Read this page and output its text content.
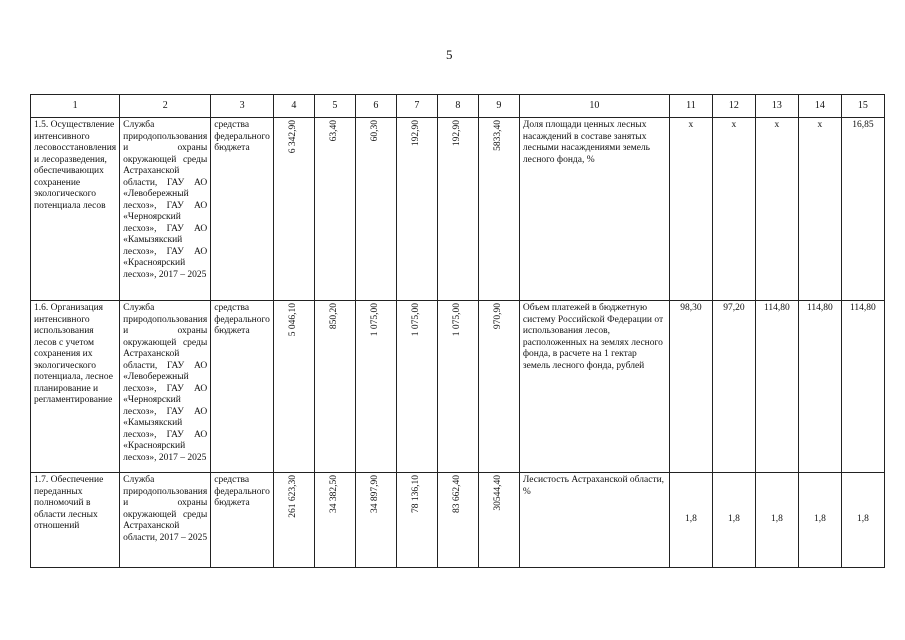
5
1	2	3	4	5	6	7	8	9	10	11	12	13	14	15
1.5. Осуществление интенсивного лесовосстановления и лесоразведения, обеспечивающих сохранение экологического потенциала лесов	Служба природопользования и охраны окружающей среды Астраханской области, ГАУ АО «Левобережный лесхоз», ГАУ АО «Черноярский лесхоз», ГАУ АО «Камызякский лесхоз», ГАУ АО «Красноярский лесхоз», 2017 – 2025	средства федерального бюджета	6 342,90	63,40	60,30	192,90	192,90	5833,40	Доля площади ценных лесных насаждений в составе занятых лесными насаждениями земель лесного фонда, %	х	х	х	х	16,85
1.6. Организация интенсивного использования лесов с учетом сохранения их экологического потенциала, лесное планирование и регламентирование	Служба природопользования и охраны окружающей среды Астраханской области, ГАУ АО «Левобережный лесхоз», ГАУ АО «Черноярский лесхоз», ГАУ АО «Камызякский лесхоз», ГАУ АО «Красноярский лесхоз», 2017 – 2025	средства федерального бюджета	5 046,10	850,20	1 075,00	1 075,00	1 075,00	970,90	Объем платежей в бюджетную систему Российской Федерации от использования лесов, расположенных на землях лесного фонда, в расчете на 1 гектар земель лесного фонда, рублей	98,30	97,20	114,80	114,80	114,80
1.7. Обеспечение переданных полномочий в области лесных отношений	Служба природопользования и охраны окружающей среды Астраханской области, 2017 – 2025	средства федерального бюджета	261 623,30	34 382,50	34 897,90	78 136,10	83 662,40	30544,40	Лесистость Астраханской области, %	1,8	1,8	1,8	1,8	1,8
